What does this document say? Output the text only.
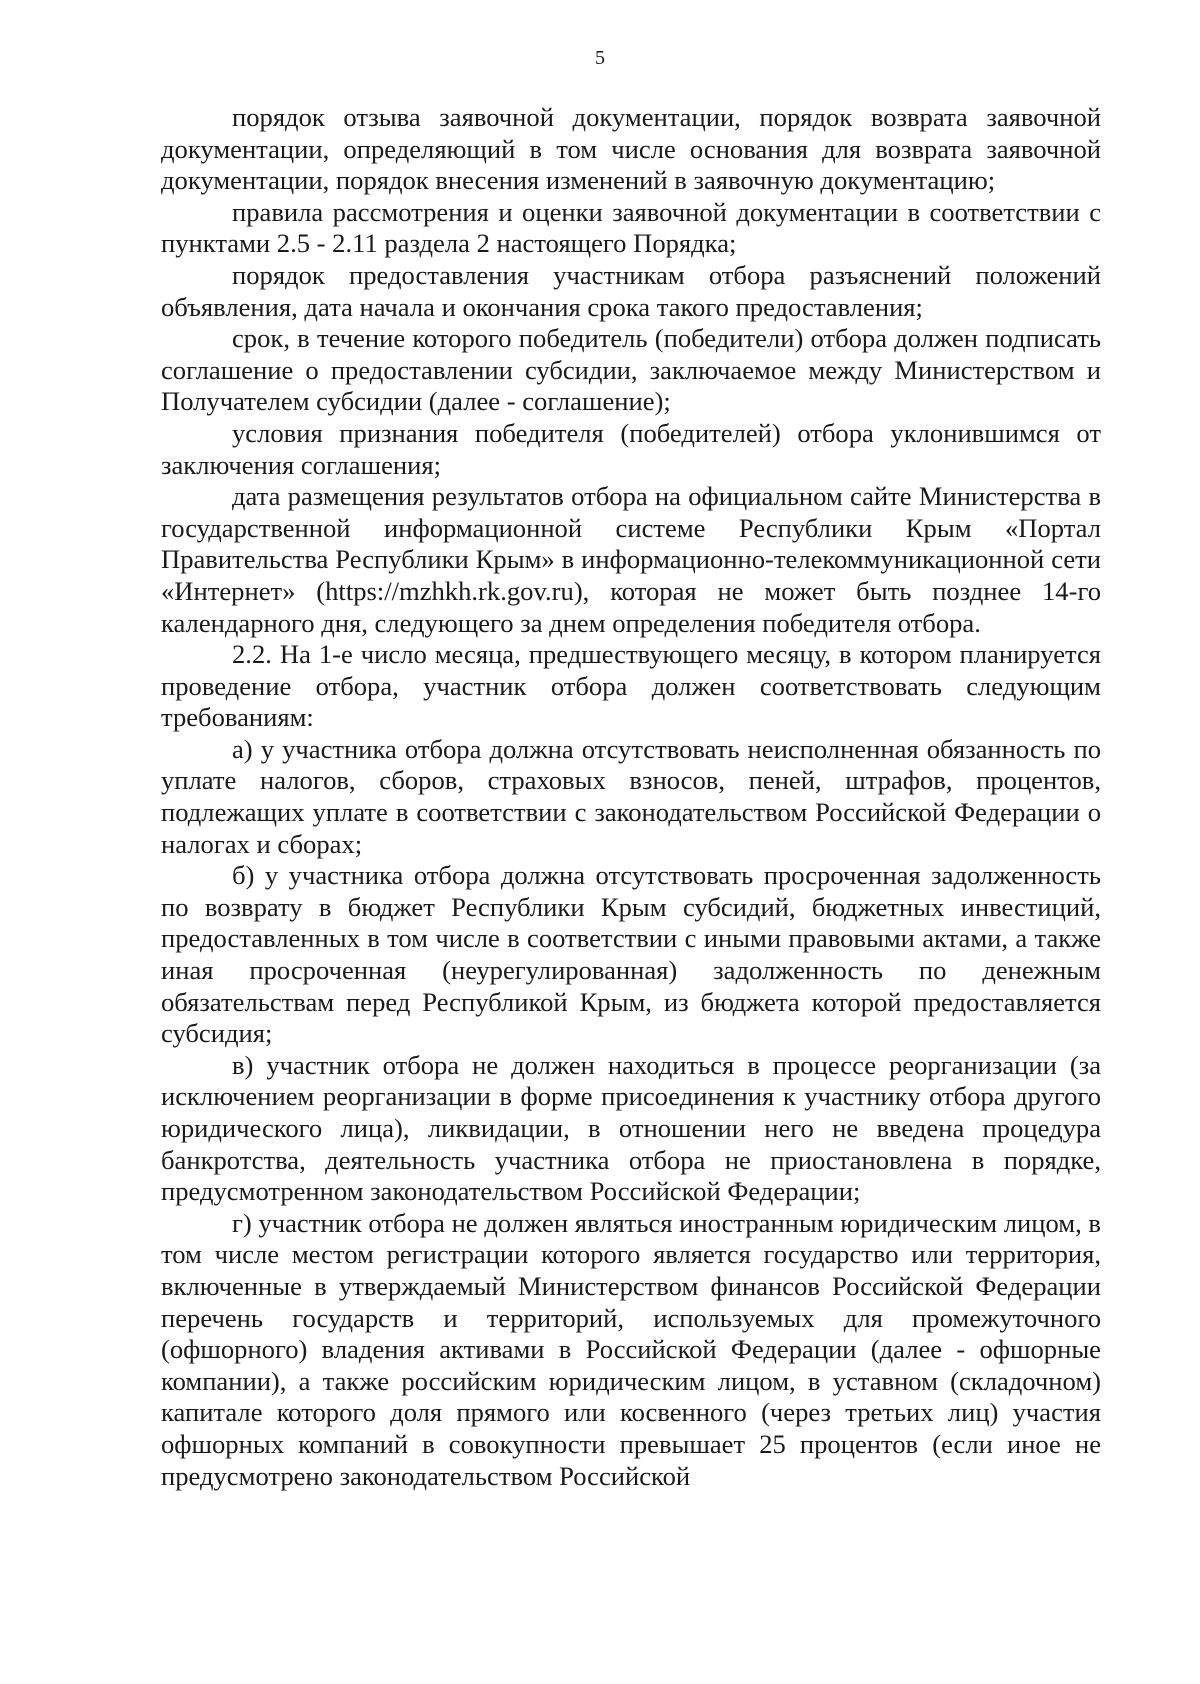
5

порядок отзыва заявочной документации, порядок возврата заявочной документации, определяющий в том числе основания для возврата заявочной документации, порядок внесения изменений в заявочную документацию;

правила рассмотрения и оценки заявочной документации в соответствии с пунктами 2.5 - 2.11 раздела 2 настоящего Порядка;

порядок предоставления участникам отбора разъяснений положений объявления, дата начала и окончания срока такого предоставления;

срок, в течение которого победитель (победители) отбора должен подписать соглашение о предоставлении субсидии, заключаемое между Министерством и Получателем субсидии (далее - соглашение);

условия признания победителя (победителей) отбора уклонившимся от заключения соглашения;

дата размещения результатов отбора на официальном сайте Министерства в государственной информационной системе Республики Крым «Портал Правительства Республики Крым» в информационно-телекоммуникационной сети «Интернет» (https://mzhkh.rk.gov.ru), которая не может быть позднее 14-го календарного дня, следующего за днем определения победителя отбора.

2.2. На 1-е число месяца, предшествующего месяцу, в котором планируется проведение отбора, участник отбора должен соответствовать следующим требованиям:

а) у участника отбора должна отсутствовать неисполненная обязанность по уплате налогов, сборов, страховых взносов, пеней, штрафов, процентов, подлежащих уплате в соответствии с законодательством Российской Федерации о налогах и сборах;

б) у участника отбора должна отсутствовать просроченная задолженность по возврату в бюджет Республики Крым субсидий, бюджетных инвестиций, предоставленных в том числе в соответствии с иными правовыми актами, а также иная просроченная (неурегулированная) задолженность по денежным обязательствам перед Республикой Крым, из бюджета которой предоставляется субсидия;

в) участник отбора не должен находиться в процессе реорганизации (за исключением реорганизации в форме присоединения к участнику отбора другого юридического лица), ликвидации, в отношении него не введена процедура банкротства, деятельность участника отбора не приостановлена в порядке, предусмотренном законодательством Российской Федерации;

г) участник отбора не должен являться иностранным юридическим лицом, в том числе местом регистрации которого является государство или территория, включенные в утверждаемый Министерством финансов Российской Федерации перечень государств и территорий, используемых для промежуточного (офшорного) владения активами в Российской Федерации (далее - офшорные компании), а также российским юридическим лицом, в уставном (складочном) капитале которого доля прямого или косвенного (через третьих лиц) участия офшорных компаний в совокупности превышает 25 процентов (если иное не предусмотрено законодательством Российской
